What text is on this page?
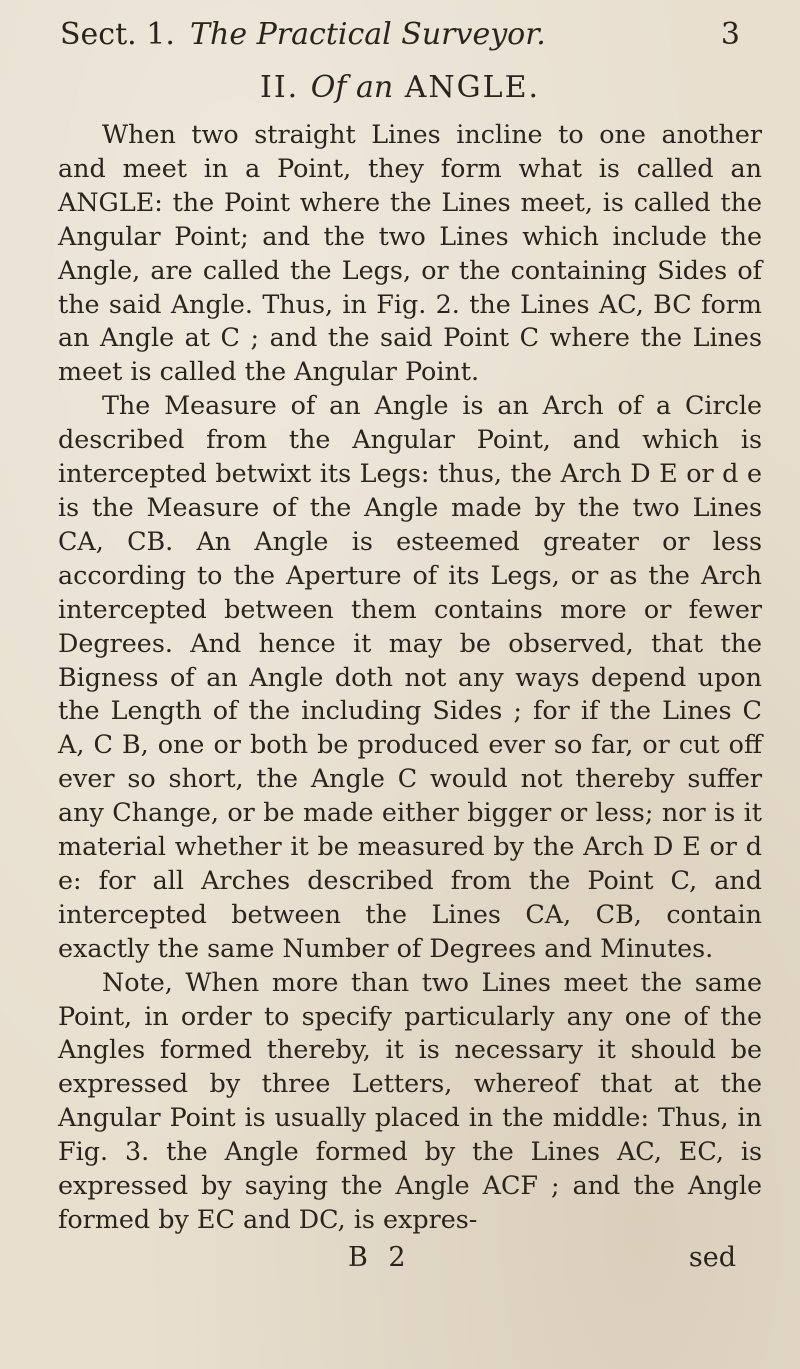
Sect. 1. The Practical Surveyor.	3
II. Of an ANGLE.

When two straight Lines incline to one another and meet in a Point, they form what is called an ANGLE: the Point where the Lines meet, is called the Angular Point; and the two Lines which include the Angle, are called the Legs, or the containing Sides of the said Angle. Thus, in Fig. 2. the Lines AC, BC form an Angle at C ; and the said Point C where the Lines meet is called the Angular Point.

The Measure of an Angle is an Arch of a Circle described from the Angular Point, and which is intercepted betwixt its Legs: thus, the Arch D E or d e is the Measure of the Angle made by the two Lines CA, CB. An Angle is esteemed greater or less according to the Aperture of its Legs, or as the Arch intercepted between them contains more or fewer Degrees. And hence it may be observed, that the Bigness of an Angle doth not any ways depend upon the Length of the including Sides ; for if the Lines C A, C B, one or both be produced ever so far, or cut off ever so short, the Angle C would not thereby suffer any Change, or be made either bigger or less; nor is it material whether it be measured by the Arch D E or d e: for all Arches described from the Point C, and intercepted between the Lines CA, CB, contain exactly the same Number of Degrees and Minutes.

Note, When more than two Lines meet the same Point, in order to specify particularly any one of the Angles formed thereby, it is necessary it should be expressed by three Letters, whereof that at the Angular Point is usually placed in the middle: Thus, in Fig. 3. the Angle formed by the Lines AC, EC, is expressed by saying the Angle ACF ; and the Angle formed by EC and DC, is expres-

B 2	sed
